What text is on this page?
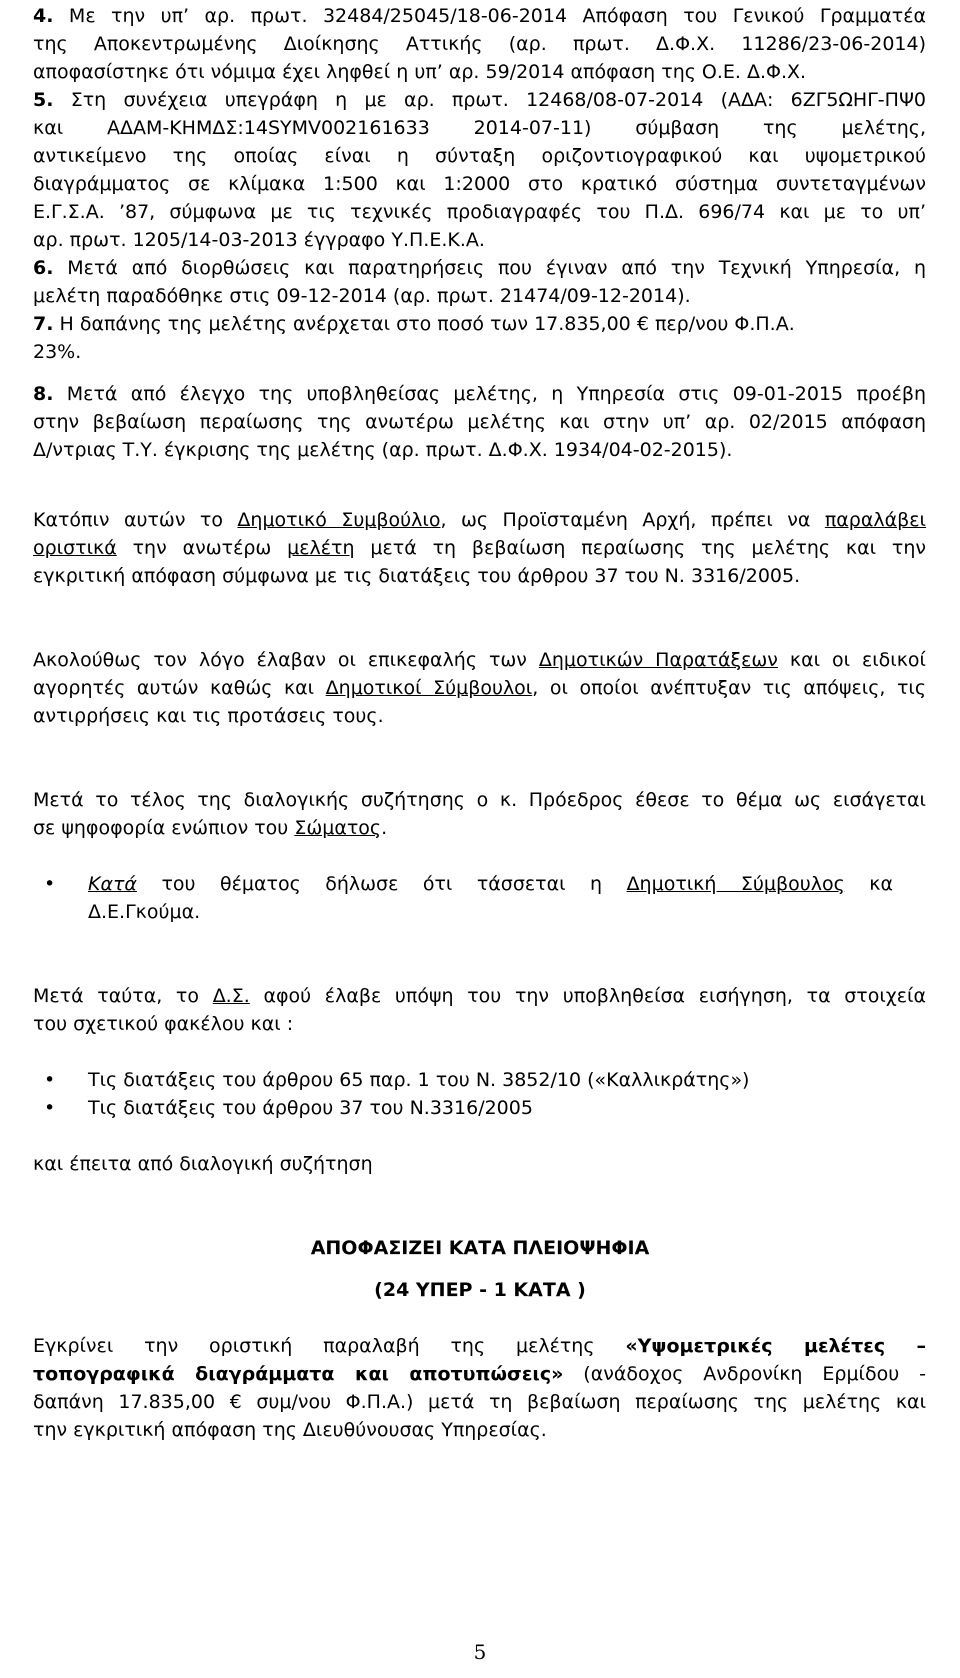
4. Με την υπ’ αρ. πρωτ. 32484/25045/18-06-2014 Απόφαση του Γενικού Γραμματέα
της Αποκεντρωμένης Διοίκησης Αττικής (αρ. πρωτ. Δ.Φ.Χ. 11286/23-06-2014)
αποφασίστηκε ότι νόμιμα έχει ληφθεί η υπ’ αρ. 59/2014 απόφαση της Ο.Ε. Δ.Φ.Χ.
5. Στη συνέχεια υπεγράφη η με αρ. πρωτ. 12468/08-07-2014 (ΑΔΑ: 6ΖΓ5ΩΗΓ-ΠΨ0
και ΑΔΑΜ-ΚΗΜΔΣ:14SYMV002161633 2014-07-11) σύμβαση της μελέτης,
αντικείμενο της οποίας είναι η σύνταξη οριζοντιογραφικού και υψομετρικού
διαγράμματος σε κλίμακα 1:500 και 1:2000 στο κρατικό σύστημα συντεταγμένων
Ε.Γ.Σ.Α. ’87, σύμφωνα με τις τεχνικές προδιαγραφές του Π.Δ. 696/74 και με το υπ’
αρ. πρωτ. 1205/14-03-2013 έγγραφο Υ.Π.Ε.Κ.Α.
6. Μετά από διορθώσεις και παρατηρήσεις που έγιναν από την Τεχνική Υπηρεσία, η
μελέτη παραδόθηκε στις 09-12-2014 (αρ. πρωτ. 21474/09-12-2014).
7. Η δαπάνης της μελέτης ανέρχεται στο ποσό των 17.835,00 € περ/νου Φ.Π.Α.
23%.
8. Μετά από έλεγχο της υποβληθείσας μελέτης, η Υπηρεσία στις 09-01-2015 προέβη
στην βεβαίωση περαίωσης της ανωτέρω μελέτης και στην υπ’ αρ. 02/2015 απόφαση
Δ/ντριας Τ.Υ. έγκρισης της μελέτης (αρ. πρωτ. Δ.Φ.Χ. 1934/04-02-2015).
Κατόπιν αυτών το Δημοτικό Συμβούλιο, ως Προϊσταμένη Αρχή, πρέπει να παραλάβει
οριστικά την ανωτέρω μελέτη μετά τη βεβαίωση περαίωσης της μελέτης και την
εγκριτική απόφαση σύμφωνα με τις διατάξεις του άρθρου 37 του Ν. 3316/2005.
Ακολούθως τον λόγο έλαβαν οι επικεφαλής των Δημοτικών Παρατάξεων και οι ειδικοί
αγορητές αυτών καθώς και Δημοτικοί Σύμβουλοι, οι οποίοι ανέπτυξαν τις απόψεις, τις
αντιρρήσεις και τις προτάσεις τους.
Μετά το τέλος της διαλογικής συζήτησης ο κ. Πρόεδρος έθεσε το θέμα ως εισάγεται
σε ψηφοφορία ενώπιον του Σώματος.
• Κατά του θέματος δήλωσε ότι τάσσεται η Δημοτική Σύμβουλος κα
Δ.Ε.Γκούμα.
Μετά ταύτα, το Δ.Σ. αφού έλαβε υπόψη του την υποβληθείσα εισήγηση, τα στοιχεία
του σχετικού φακέλου και :
• Τις διατάξεις του άρθρου 65 παρ. 1 του Ν. 3852/10 («Καλλικράτης»)
• Τις διατάξεις του άρθρου 37 του Ν.3316/2005
και έπειτα από διαλογική συζήτηση
ΑΠΟΦΑΣΙΖΕΙ ΚΑΤΑ ΠΛΕΙΟΨΗΦΙΑ
(24 ΥΠΕΡ - 1 ΚΑΤΑ )
Εγκρίνει την οριστική παραλαβή της μελέτης «Υψομετρικές μελέτες –
τοπογραφικά διαγράμματα και αποτυπώσεις» (ανάδοχος Ανδρονίκη Ερμίδου -
δαπάνη 17.835,00 € συμ/νου Φ.Π.Α.) μετά τη βεβαίωση περαίωσης της μελέτης και
την εγκριτική απόφαση της Διευθύνουσας Υπηρεσίας.
5
